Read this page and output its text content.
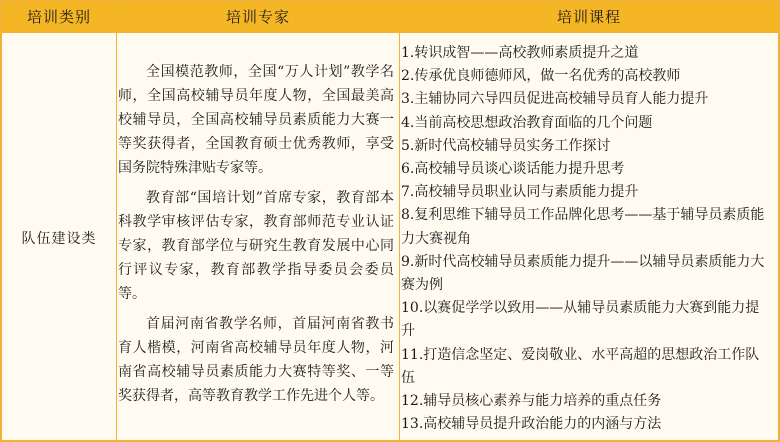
培训类别	培训专家	培训课程
队伍建设类

全国模范教师，全国“万人计划”教学名师，全国高校辅导员年度人物，全国最美高校辅导员，全国高校辅导员素质能力大赛一等奖获得者，全国教育硕士优秀教师，享受国务院特殊津贴专家等。

教育部“国培计划”首席专家，教育部本科教学审核评估专家，教育部师范专业认证专家，教育部学位与研究生教育发展中心同行评议专家，教育部教学指导委员会委员等。

首届河南省教学名师，首届河南省教书育人楷模，河南省高校辅导员年度人物，河南省高校辅导员素质能力大赛特等奖、一等奖获得者，高等教育教学工作先进个人等。

1.转识成智——高校教师素质提升之道
2.传承优良师德师风，做一名优秀的高校教师
3.主辅协同六导四员促进高校辅导员育人能力提升
4.当前高校思想政治教育面临的几个问题
5.新时代高校辅导员实务工作探讨
6.高校辅导员谈心谈话能力提升思考
7.高校辅导员职业认同与素质能力提升
8.复利思维下辅导员工作品牌化思考——基于辅导员素质能力大赛视角
9.新时代高校辅导员素质能力提升——以辅导员素质能力大赛为例
10.以赛促学学以致用——从辅导员素质能力大赛到能力提升
11.打造信念坚定、爱岗敬业、水平高超的思想政治工作队伍
12.辅导员核心素养与能力培养的重点任务
13.高校辅导员提升政治能力的内涵与方法
